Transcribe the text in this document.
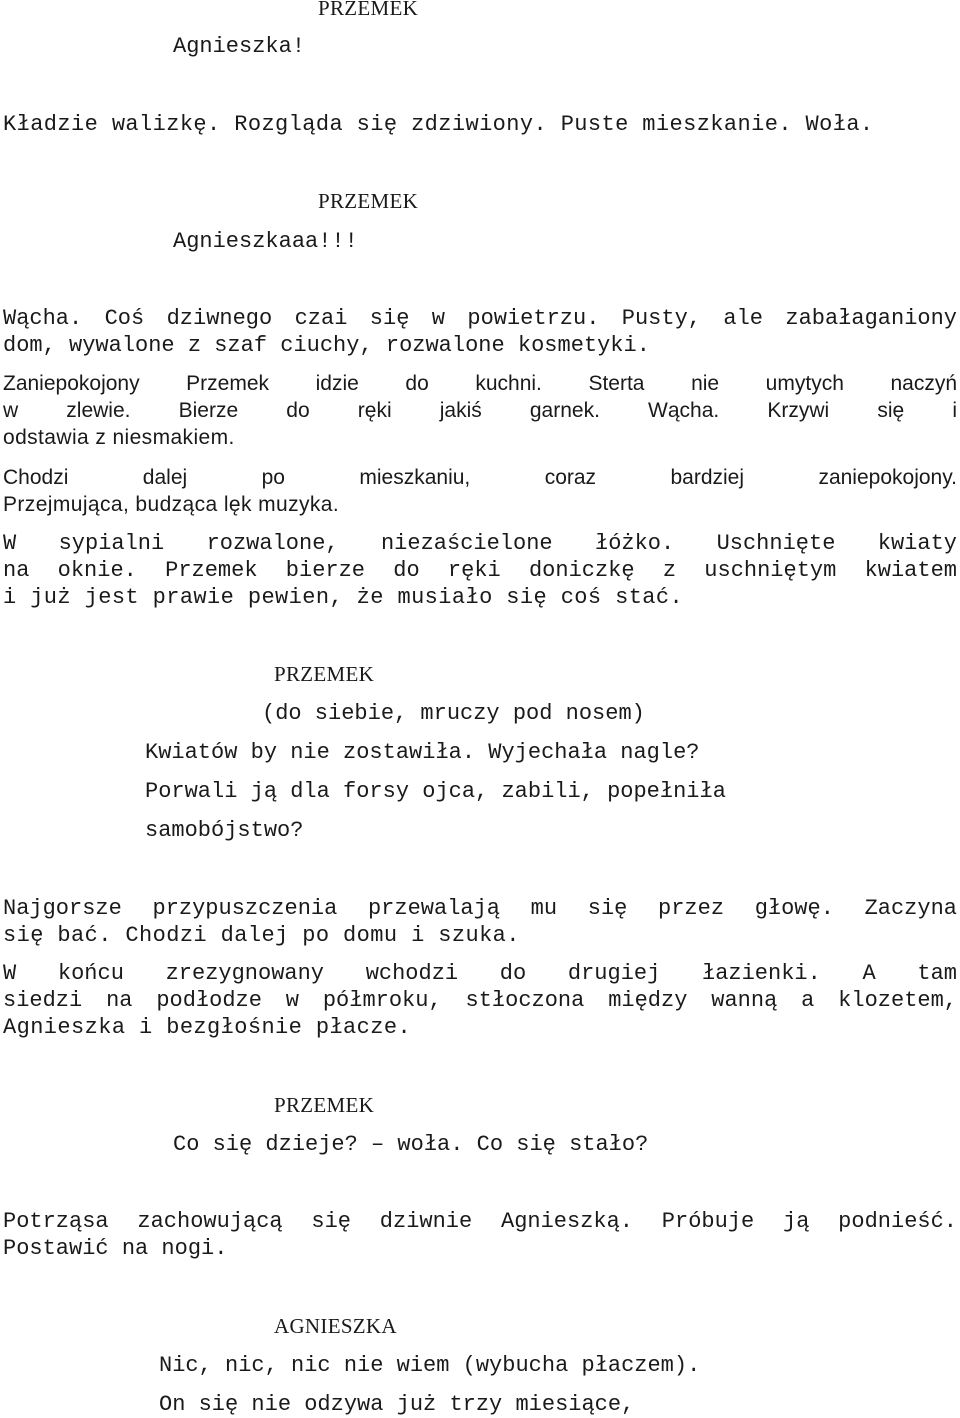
PRZEMEK

Agnieszka!

Kładzie walizkę. Rozgląda się zdziwiony. Puste mieszkanie. Woła.

PRZEMEK

Agnieszkaaa!!!

Wącha. Coś dziwnego czai się w powietrzu. Pusty, ale zabałaganiony

dom, wywalone z szaf ciuchy, rozwalone kosmetyki.

Zaniepokojony Przemek idzie do kuchni. Sterta nie umytych naczyń

w zlewie. Bierze do ręki jakiś garnek. Wącha. Krzywi się i

odstawia z niesmakiem.

Chodzi dalej po mieszkaniu, coraz bardziej zaniepokojony.

Przejmująca, budząca lęk muzyka.

W sypialni rozwalone, niezaścielone łóżko. Uschnięte kwiaty

na oknie. Przemek bierze do ręki doniczkę z uschniętym kwiatem

i już jest prawie pewien, że musiało się coś stać.

PRZEMEK

(do siebie, mruczy pod nosem)

Kwiatów by nie zostawiła. Wyjechała nagle?

Porwali ją dla forsy ojca, zabili, popełniła

samobójstwo?

Najgorsze przypuszczenia przewalają mu się przez głowę. Zaczyna

się bać. Chodzi dalej po domu i szuka.

W końcu zrezygnowany wchodzi do drugiej łazienki. A tam

siedzi na podłodze w półmroku, stłoczona między wanną a klozetem,

Agnieszka i bezgłośnie płacze.

PRZEMEK

Co się dzieje? – woła. Co się stało?

Potrząsa zachowującą się dziwnie Agnieszką. Próbuje ją podnieść.

Postawić na nogi.

AGNIESZKA

Nic, nic, nic nie wiem (wybucha płaczem).

On się nie odzywa już trzy miesiące,
